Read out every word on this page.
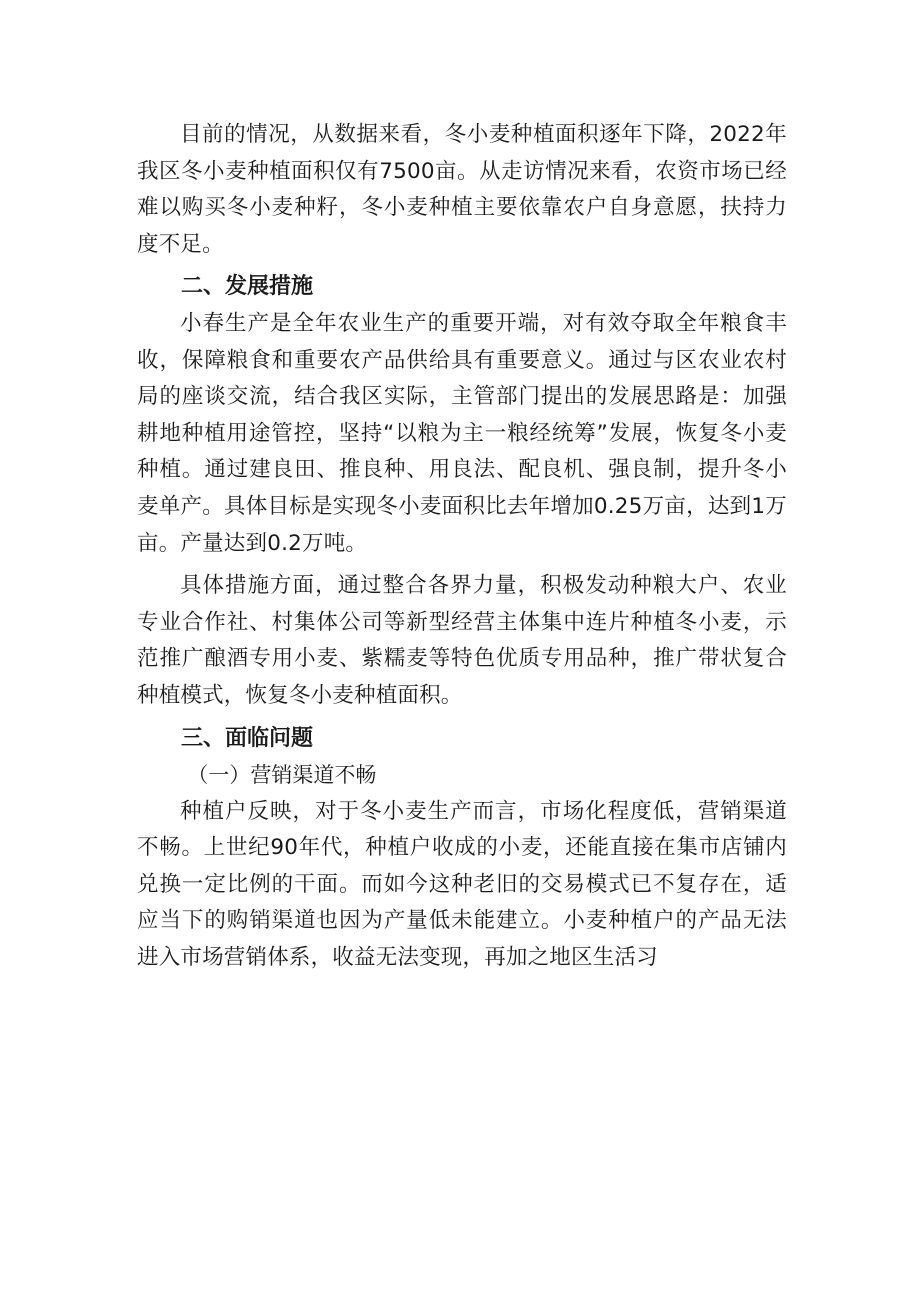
目前的情况，从数据来看，冬小麦种植面积逐年下降，2022年我区冬小麦种植面积仅有7500亩。从走访情况来看，农资市场已经难以购买冬小麦种籽，冬小麦种植主要依靠农户自身意愿，扶持力度不足。

二、发展措施

小春生产是全年农业生产的重要开端，对有效夺取全年粮食丰收，保障粮食和重要农产品供给具有重要意义。通过与区农业农村局的座谈交流，结合我区实际，主管部门提出的发展思路是：加强耕地种植用途管控，坚持“以粮为主一粮经统筹”发展，恢复冬小麦种植。通过建良田、推良种、用良法、配良机、强良制，提升冬小麦单产。具体目标是实现冬小麦面积比去年增加0.25万亩，达到1万亩。产量达到0.2万吨。

具体措施方面，通过整合各界力量，积极发动种粮大户、农业专业合作社、村集体公司等新型经营主体集中连片种植冬小麦，示范推广酿酒专用小麦、紫糯麦等特色优质专用品种，推广带状复合种植模式，恢复冬小麦种植面积。

三、面临问题

（一）营销渠道不畅

种植户反映，对于冬小麦生产而言，市场化程度低，营销渠道不畅。上世纪90年代，种植户收成的小麦，还能直接在集市店铺内兑换一定比例的干面。而如今这种老旧的交易模式已不复存在，适应当下的购销渠道也因为产量低未能建立。小麦种植户的产品无法进入市场营销体系，收益无法变现，再加之地区生活习
